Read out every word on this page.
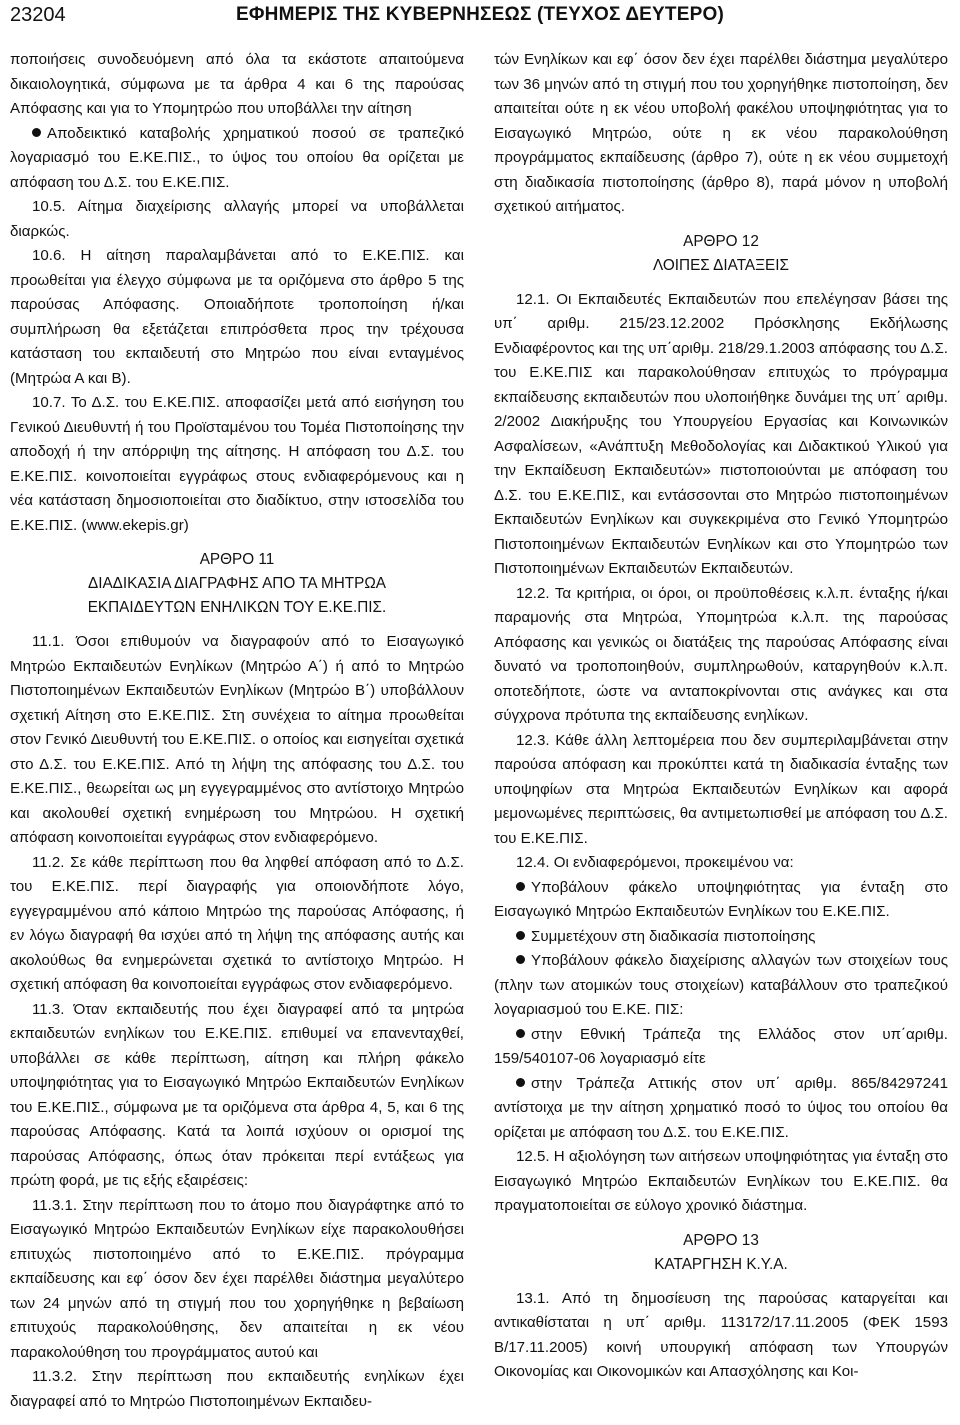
23204	ΕΦΗΜΕΡΙΣ ΤΗΣ ΚΥΒΕΡΝΗΣΕΩΣ (ΤΕΥΧΟΣ ΔΕΥΤΕΡΟ)

ποποιήσεις συνοδευόμενη από όλα τα εκάστοτε απαιτούμενα δικαιολογητικά, σύμφωνα με τα άρθρα 4 και 6 της παρούσας Απόφασης και για το Υπομητρώο που υποβάλλει την αίτηση

Αποδεικτικό καταβολής χρηματικού ποσού σε τραπεζικό λογαριασμό του Ε.ΚΕ.ΠΙΣ., το ύψος του οποίου θα ορίζεται με απόφαση του Δ.Σ. του Ε.ΚΕ.ΠΙΣ.

10.5. Αίτημα διαχείρισης αλλαγής μπορεί να υποβάλλεται διαρκώς.

10.6. Η αίτηση παραλαμβάνεται από το Ε.ΚΕ.ΠΙΣ. και προωθείται για έλεγχο σύμφωνα με τα οριζόμενα στο άρθρο 5 της παρούσας Απόφασης. Οποιαδήποτε τροποποίηση ή/και συμπλήρωση θα εξετάζεται επιπρόσθετα προς την τρέχουσα κατάσταση του εκπαιδευτή στο Μητρώο που είναι ενταγμένος (Μητρώα Α και Β).

10.7. Το Δ.Σ. του Ε.ΚΕ.ΠΙΣ. αποφασίζει μετά από εισήγηση του Γενικού Διευθυντή ή του Προϊσταμένου του Τομέα Πιστοποίησης την αποδοχή ή την απόρριψη της αίτησης. Η απόφαση του Δ.Σ. του Ε.ΚΕ.ΠΙΣ. κοινοποιείται εγγράφως στους ενδιαφερόμενους και η νέα κατάσταση δημοσιοποιείται στο διαδίκτυο, στην ιστοσελίδα του Ε.ΚΕ.ΠΙΣ. (www.ekepis.gr)

ΑΡΘΡΟ 11
ΔΙΑΔΙΚΑΣΙΑ ΔΙΑΓΡΑΦΗΣ ΑΠΟ ΤΑ ΜΗΤΡΩΑ
ΕΚΠΑΙΔΕΥΤΩΝ ΕΝΗΛΙΚΩΝ ΤΟΥ Ε.ΚΕ.ΠΙΣ.

11.1. Όσοι επιθυμούν να διαγραφούν από το Εισαγωγικό Μητρώο Εκπαιδευτών Ενηλίκων (Μητρώο Α΄) ή από το Μητρώο Πιστοποιημένων Εκπαιδευτών Ενηλίκων (Μητρώο Β΄) υποβάλλουν σχετική Αίτηση στο Ε.ΚΕ.ΠΙΣ. Στη συνέχεια το αίτημα προωθείται στον Γενικό Διευθυντή του Ε.ΚΕ.ΠΙΣ. ο οποίος και εισηγείται σχετικά στο Δ.Σ. του Ε.ΚΕ.ΠΙΣ. Από τη λήψη της απόφασης του Δ.Σ. του Ε.ΚΕ.ΠΙΣ., θεωρείται ως μη εγγεγραμμένος στο αντίστοιχο Μητρώο και ακολουθεί σχετική ενημέρωση του Μητρώου. Η σχετική απόφαση κοινοποιείται εγγράφως στον ενδιαφερόμενο.

11.2. Σε κάθε περίπτωση που θα ληφθεί απόφαση από το Δ.Σ. του Ε.ΚΕ.ΠΙΣ. περί διαγραφής για οποιονδήποτε λόγο, εγγεγραμμένου από κάποιο Μητρώο της παρούσας Απόφασης, ή εν λόγω διαγραφή θα ισχύει από τη λήψη της απόφασης αυτής και ακολούθως θα ενημερώνεται σχετικά το αντίστοιχο Μητρώο. Η σχετική απόφαση θα κοινοποιείται εγγράφως στον ενδιαφερόμενο.

11.3. Όταν εκπαιδευτής που έχει διαγραφεί από τα μητρώα εκπαιδευτών ενηλίκων του Ε.ΚΕ.ΠΙΣ. επιθυμεί να επανενταχθεί, υποβάλλει σε κάθε περίπτωση, αίτηση και πλήρη φάκελο υποψηφιότητας για το Εισαγωγικό Μητρώο Εκπαιδευτών Ενηλίκων του Ε.ΚΕ.ΠΙΣ., σύμφωνα με τα οριζόμενα στα άρθρα 4, 5, και 6 της παρούσας Απόφασης. Κατά τα λοιπά ισχύουν οι ορισμοί της παρούσας Απόφασης, όπως όταν πρόκειται περί εντάξεως για πρώτη φορά, με τις εξής εξαιρέσεις:

11.3.1. Στην περίπτωση που το άτομο που διαγράφτηκε από το Εισαγωγικό Μητρώο Εκπαιδευτών Ενηλίκων είχε παρακολουθήσει επιτυχώς πιστοποιημένο από το Ε.ΚΕ.ΠΙΣ. πρόγραμμα εκπαίδευσης και εφ΄ όσον δεν έχει παρέλθει διάστημα μεγαλύτερο των 24 μηνών από τη στιγμή που του χορηγήθηκε η βεβαίωση επιτυχούς παρακολούθησης, δεν απαιτείται η εκ νέου παρακολούθηση του προγράμματος αυτού και

11.3.2. Στην περίπτωση που εκπαιδευτής ενηλίκων έχει διαγραφεί από το Μητρώο Πιστοποιημένων Εκπαιδευ-

τών Ενηλίκων και εφ΄ όσον δεν έχει παρέλθει διάστημα μεγαλύτερο των 36 μηνών από τη στιγμή που του χορηγήθηκε πιστοποίηση, δεν απαιτείται ούτε η εκ νέου υποβολή φακέλου υποψηφιότητας για το Εισαγωγικό Μητρώο, ούτε η εκ νέου παρακολούθηση προγράμματος εκπαίδευσης (άρθρο 7), ούτε η εκ νέου συμμετοχή στη διαδικασία πιστοποίησης (άρθρο 8), παρά μόνον η υποβολή σχετικού αιτήματος.

ΑΡΘΡΟ 12
ΛΟΙΠΕΣ ΔΙΑΤΑΞΕΙΣ

12.1. Οι Εκπαιδευτές Εκπαιδευτών που επελέγησαν βάσει της υπ΄ αριθμ. 215/23.12.2002 Πρόσκλησης Εκδήλωσης Ενδιαφέροντος και της υπ΄αριθμ. 218/29.1.2003 απόφασης του Δ.Σ. του Ε.ΚΕ.ΠΙΣ και παρακολούθησαν επιτυχώς το πρόγραμμα εκπαίδευσης εκπαιδευτών που υλοποιήθηκε δυνάμει της υπ΄ αριθμ. 2/2002 Διακήρυξης του Υπουργείου Εργασίας και Κοινωνικών Ασφαλίσεων, «Ανάπτυξη Μεθοδολογίας και Διδακτικού Υλικού για την Εκπαίδευση Εκπαιδευτών» πιστοποιούνται με απόφαση του Δ.Σ. του Ε.ΚΕ.ΠΙΣ, και εντάσσονται στο Μητρώο πιστοποιημένων Εκπαιδευτών Ενηλίκων και συγκεκριμένα στο Γενικό Υπομητρώο Πιστοποιημένων Εκπαιδευτών Ενηλίκων και στο Υπομητρώο των Πιστοποιημένων Εκπαιδευτών Εκπαιδευτών.

12.2. Τα κριτήρια, οι όροι, οι προϋποθέσεις κ.λ.π. ένταξης ή/και παραμονής στα Μητρώα, Υπομητρώα κ.λ.π. της παρούσας Απόφασης και γενικώς οι διατάξεις της παρούσας Απόφασης είναι δυνατό να τροποποιηθούν, συμπληρωθούν, καταργηθούν κ.λ.π. οποτεδήποτε, ώστε να ανταποκρίνονται στις ανάγκες και στα σύγχρονα πρότυπα της εκπαίδευσης ενηλίκων.

12.3. Κάθε άλλη λεπτομέρεια που δεν συμπεριλαμβάνεται στην παρούσα απόφαση και προκύπτει κατά τη διαδικασία ένταξης των υποψηφίων στα Μητρώα Εκπαιδευτών Ενηλίκων και αφορά μεμονωμένες περιπτώσεις, θα αντιμετωπισθεί με απόφαση του Δ.Σ. του Ε.ΚΕ.ΠΙΣ.

12.4. Οι ενδιαφερόμενοι, προκειμένου να:

Υποβάλουν φάκελο υποψηφιότητας για ένταξη στο Εισαγωγικό Μητρώο Εκπαιδευτών Ενηλίκων του Ε.ΚΕ.ΠΙΣ.

Συμμετέχουν στη διαδικασία πιστοποίησης

Υποβάλουν φάκελο διαχείρισης αλλαγών των στοιχείων τους (πλην των ατομικών τους στοιχείων) καταβάλλουν στο τραπεζικού λογαριασμού του Ε.ΚΕ. ΠΙΣ:

στην Εθνική Τράπεζα της Ελλάδος στον υπ΄αριθμ. 159/540107-06 λογαριασμό είτε

στην Τράπεζα Αττικής στον υπ΄ αριθμ. 865/84297241 αντίστοιχα με την αίτηση χρηματικό ποσό το ύψος του οποίου θα ορίζεται με απόφαση του Δ.Σ. του Ε.ΚΕ.ΠΙΣ.

12.5. Η αξιολόγηση των αιτήσεων υποψηφιότητας για ένταξη στο Εισαγωγικό Μητρώο Εκπαιδευτών Ενηλίκων του Ε.ΚΕ.ΠΙΣ. θα πραγματοποιείται σε εύλογο χρονικό διάστημα.

ΑΡΘΡΟ 13
ΚΑΤΑΡΓΗΣΗ Κ.Υ.Α.

13.1. Από τη δημοσίευση της παρούσας καταργείται και αντικαθίσταται η υπ΄ αριθμ. 113172/17.11.2005 (ΦΕΚ 1593 Β/17.11.2005) κοινή υπουργική απόφαση των Υπουργών Οικονομίας και Οικονομικών και Απασχόλησης και Κοι-
